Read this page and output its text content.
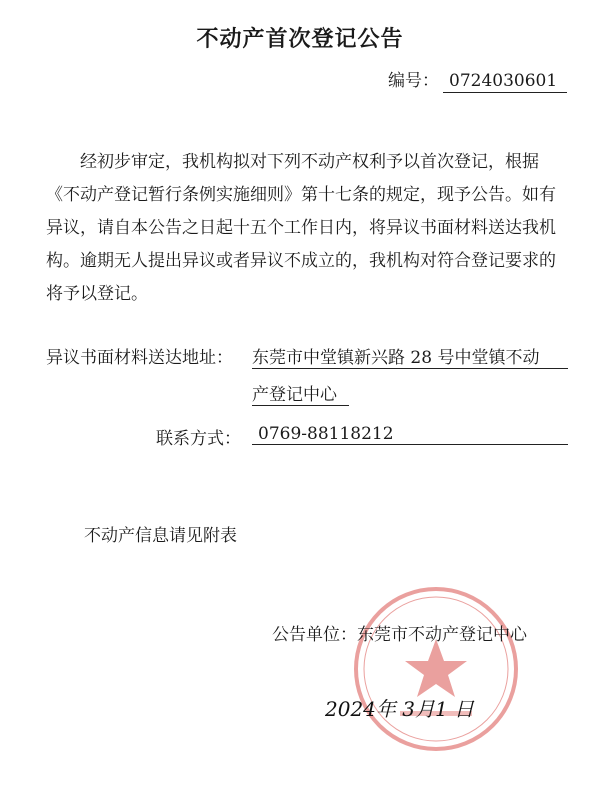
不动产首次登记公告
编号： 0724030601

经初步审定，我机构拟对下列不动产权利予以首次登记，根据《不动产登记暂行条例实施细则》第十七条的规定，现予公告。如有异议，请自本公告之日起十五个工作日内，将异议书面材料送达我机构。逾期无人提出异议或者异议不成立的，我机构对符合登记要求的将予以登记。

异议书面材料送达地址： 东莞市中堂镇新兴路 28 号中堂镇不动
产登记中心
联系方式：	0769-88118212
不动产信息请见附表
公告单位：东莞市不动产登记中心
2024年 3月1 日
